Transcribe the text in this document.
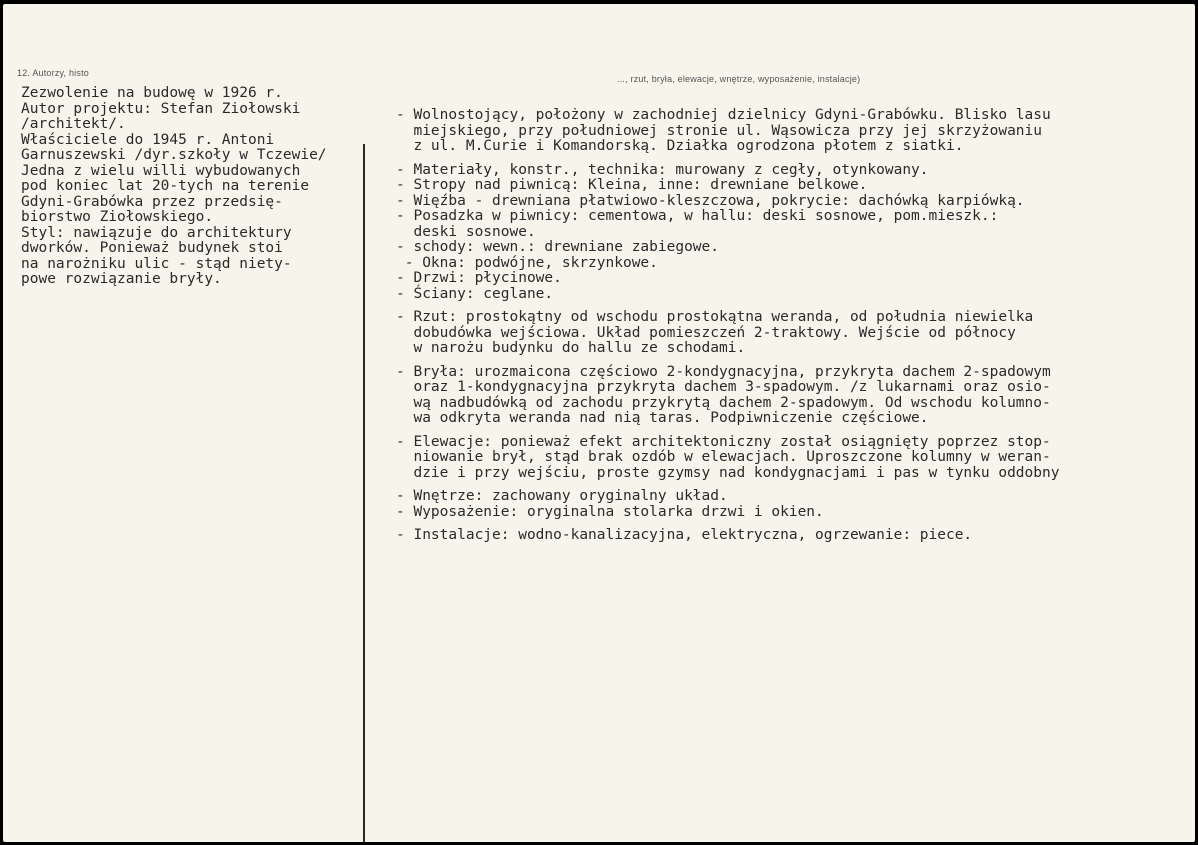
12. Autorzy, histo
..., rzut, bryła, elewacje, wnętrze, wyposażenie, instalacje)
Zezwolenie na budowę w 1926 r.
Autor projektu: Stefan Ziołowski
/architekt/.
Właściciele do 1945 r. Antoni
Garnuszewski /dyr.szkoły w Tczewie/
Jedna z wielu willi wybudowanych
pod koniec lat 20-tych na terenie
Gdyni-Grabówka przez przedsię-
biorstwo Ziołowskiego.
Styl: nawiązuje do architektury
dworków. Ponieważ budynek stoi
na narożniku ulic - stąd niety-
powe rozwiązanie bryły.
- Wolnostojący, położony w zachodniej dzielnicy Gdyni-Grabówku. Blisko lasu
miejskiego, przy południowej stronie ul. Wąsowicza przy jej skrzyżowaniu
z ul. M.Curie i Komandorską. Działka ogrodzona płotem z siatki.
- Materiały, konstr., technika: murowany z cegły, otynkowany.
- Stropy nad piwnicą: Kleina, inne: drewniane belkowe.
- Więźba - drewniana płatwiowo-kleszczowa, pokrycie: dachówką karpiówką.
- Posadzka w piwnicy: cementowa, w hallu: deski sosnowe, pom.mieszk.:
deski sosnowe.
- schody: wewn.: drewniane zabiegowe.
- Okna: podwójne, skrzynkowe.
- Drzwi: płycinowe.
- Ściany: ceglane.
- Rzut: prostokątny od wschodu prostokątna weranda, od południa niewielka
dobudówka wejściowa. Układ pomieszczeń 2-traktowy. Wejście od północy
w narożu budynku do hallu ze schodami.
- Bryła: urozmaicona częściowo 2-kondygnacyjna, przykryta dachem 2-spadowym
oraz 1-kondygnacyjna przykryta dachem 3-spadowym. /z lukarnami oraz osio-
wą nadbudówką od zachodu przykrytą dachem 2-spadowym. Od wschodu kolumno-
wa odkryta weranda nad nią taras. Podpiwniczenie częściowe.
- Elewacje: ponieważ efekt architektoniczny został osiągnięty poprzez stop-
niowanie brył, stąd brak ozdób w elewacjach. Uproszczone kolumny w weran-
dzie i przy wejściu, proste gzymsy nad kondygnacjami i pas w tynku oddobny
- Wnętrze: zachowany oryginalny układ.
- Wyposażenie: oryginalna stolarka drzwi i okien.
- Instalacje: wodno-kanalizacyjna, elektryczna, ogrzewanie: piece.
